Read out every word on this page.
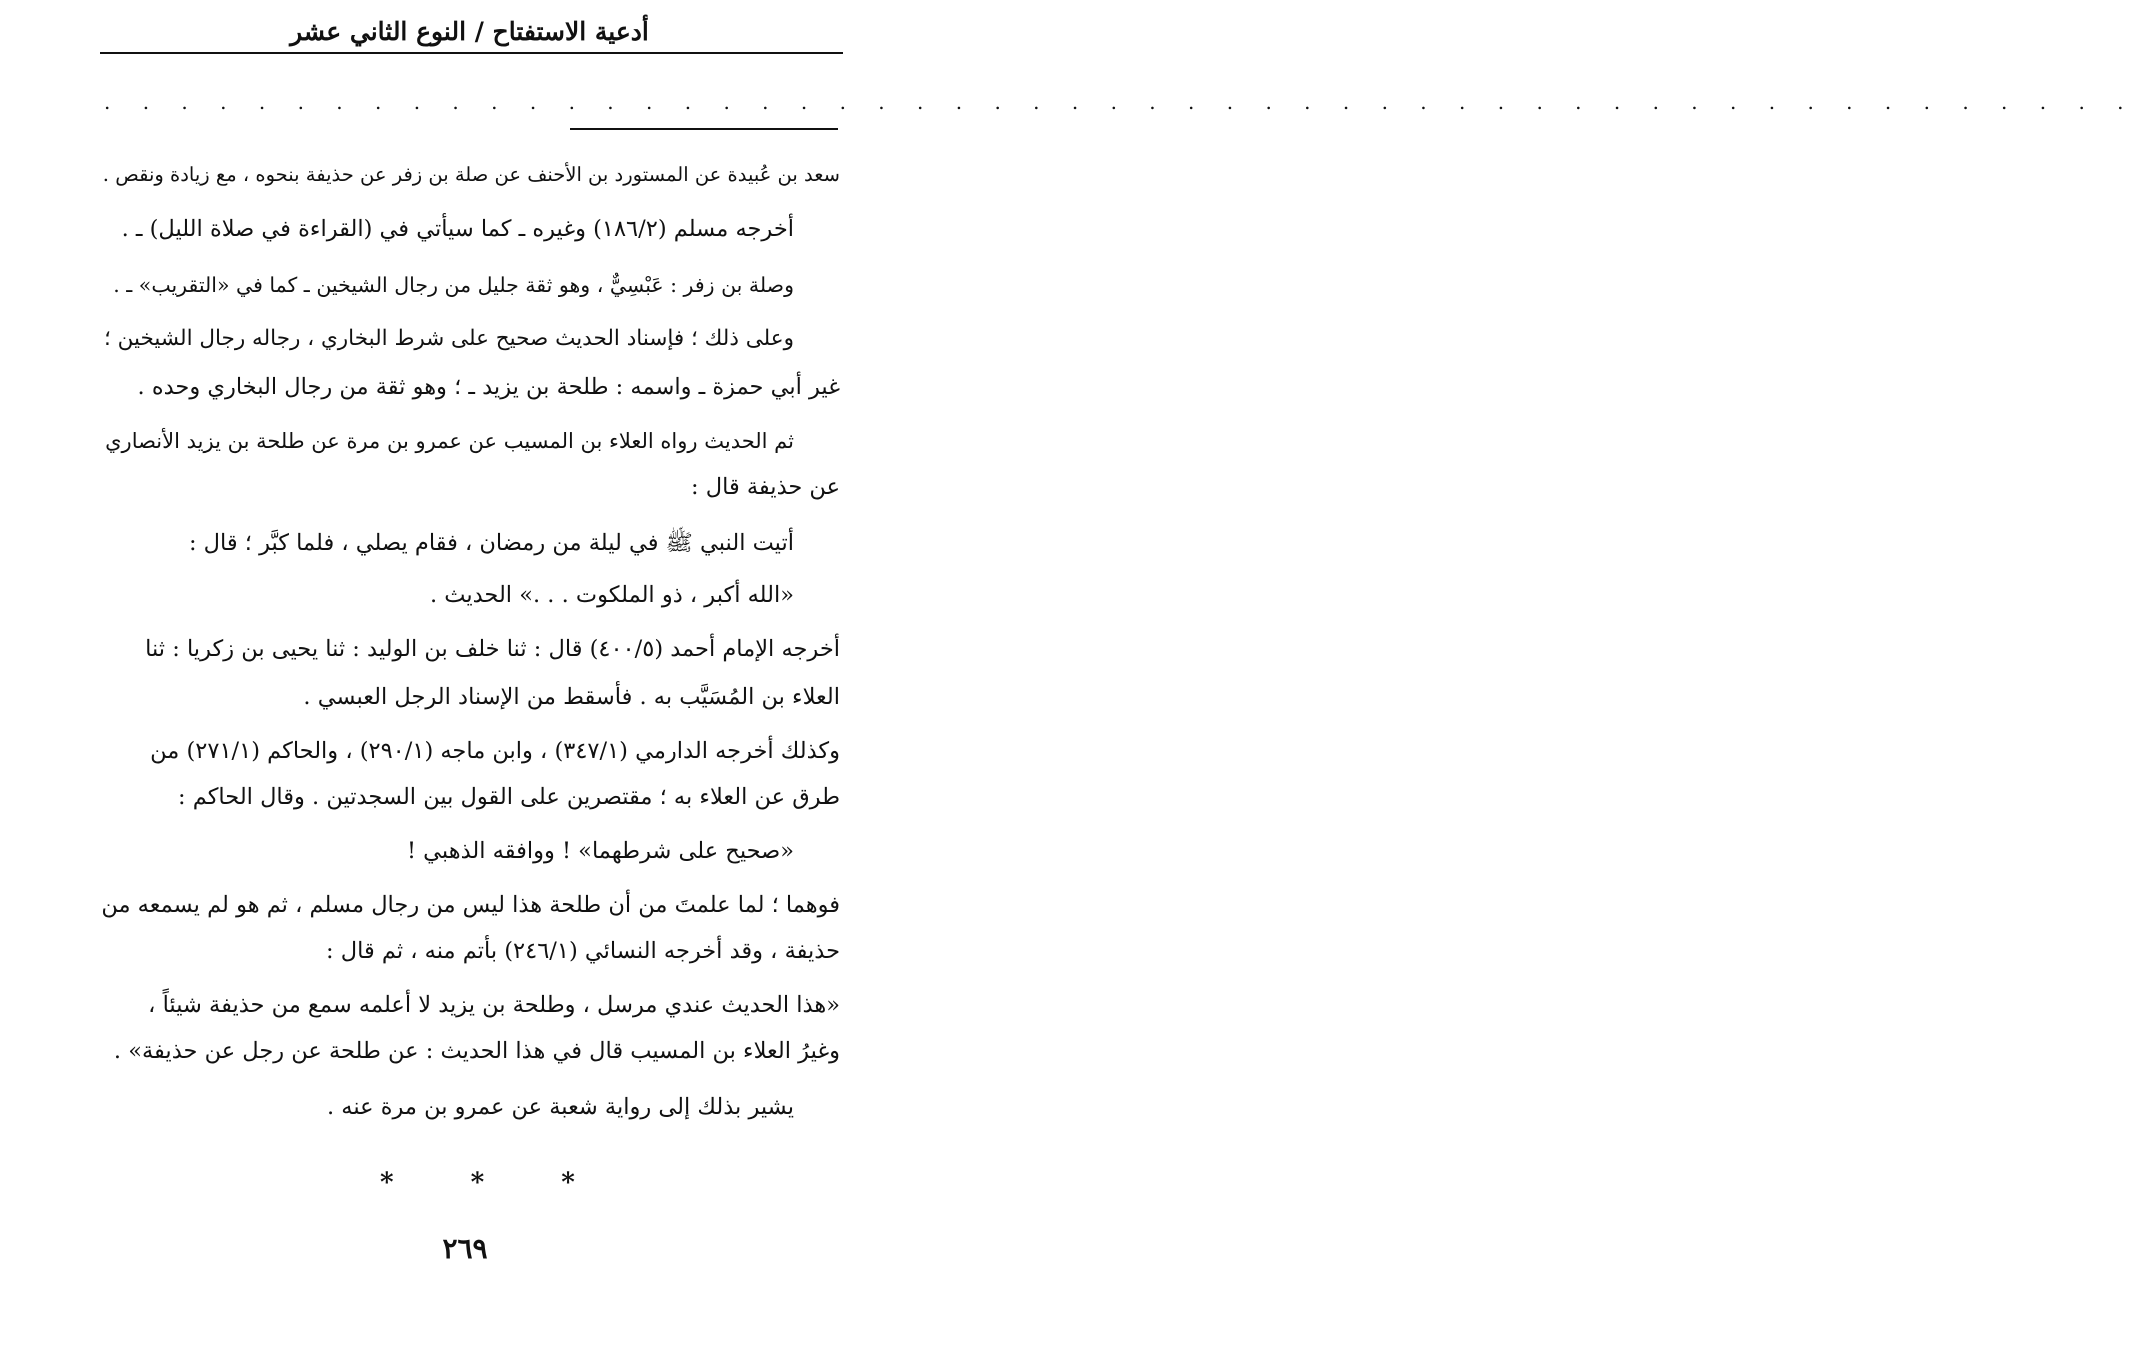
أدعية الاستفتاح / النوع الثاني عشر
. . . . . . . . . . . . . . . . . . . . . . . . . . . . . . . . . . . . . . . . . . . . . . . . . . . . .
سعد بن عُبيدة عن المستورد بن الأحنف عن صلة بن زفر عن حذيفة بنحوه ، مع زيادة ونقص .
أخرجه مسلم (١٨٦/٢) وغيره ـ كما سيأتي في (القراءة في صلاة الليل) ـ .
وصلة بن زفر : عَبْسِيٌّ ، وهو ثقة جليل من رجال الشيخين ـ كما في «التقريب» ـ .
وعلى ذلك ؛ فإسناد الحديث صحيح على شرط البخاري ، رجاله رجال الشيخين ؛
غير أبي حمزة ـ واسمه : طلحة بن يزيد ـ ؛ وهو ثقة من رجال البخاري وحده .
ثم الحديث رواه العلاء بن المسيب عن عمرو بن مرة عن طلحة بن يزيد الأنصاري
عن حذيفة قال :
أتيت النبي ﷺ في ليلة من رمضان ، فقام يصلي ، فلما كبَّر ؛ قال :
«الله أكبر ، ذو الملكوت . . .» الحديث .
أخرجه الإمام أحمد (٤٠٠/٥) قال : ثنا خلف بن الوليد : ثنا يحيى بن زكريا : ثنا
العلاء بن المُسَيَّب به . فأسقط من الإسناد الرجل العبسي .
وكذلك أخرجه الدارمي (٣٤٧/١) ، وابن ماجه (٢٩٠/١) ، والحاكم (٢٧١/١) من
طرق عن العلاء به ؛ مقتصرين على القول بين السجدتين . وقال الحاكم :
«صحيح على شرطهما» ! ووافقه الذهبي !
فوهما ؛ لما علمتَ من أن طلحة هذا ليس من رجال مسلم ، ثم هو لم يسمعه من
حذيفة ، وقد أخرجه النسائي (٢٤٦/١) بأتم منه ، ثم قال :
«هذا الحديث عندي مرسل ، وطلحة بن يزيد لا أعلمه سمع من حذيفة شيئاً ،
وغيرُ العلاء بن المسيب قال في هذا الحديث : عن طلحة عن رجل عن حذيفة» .
يشير بذلك إلى رواية شعبة عن عمرو بن مرة عنه .
* * *
٢٦٩
